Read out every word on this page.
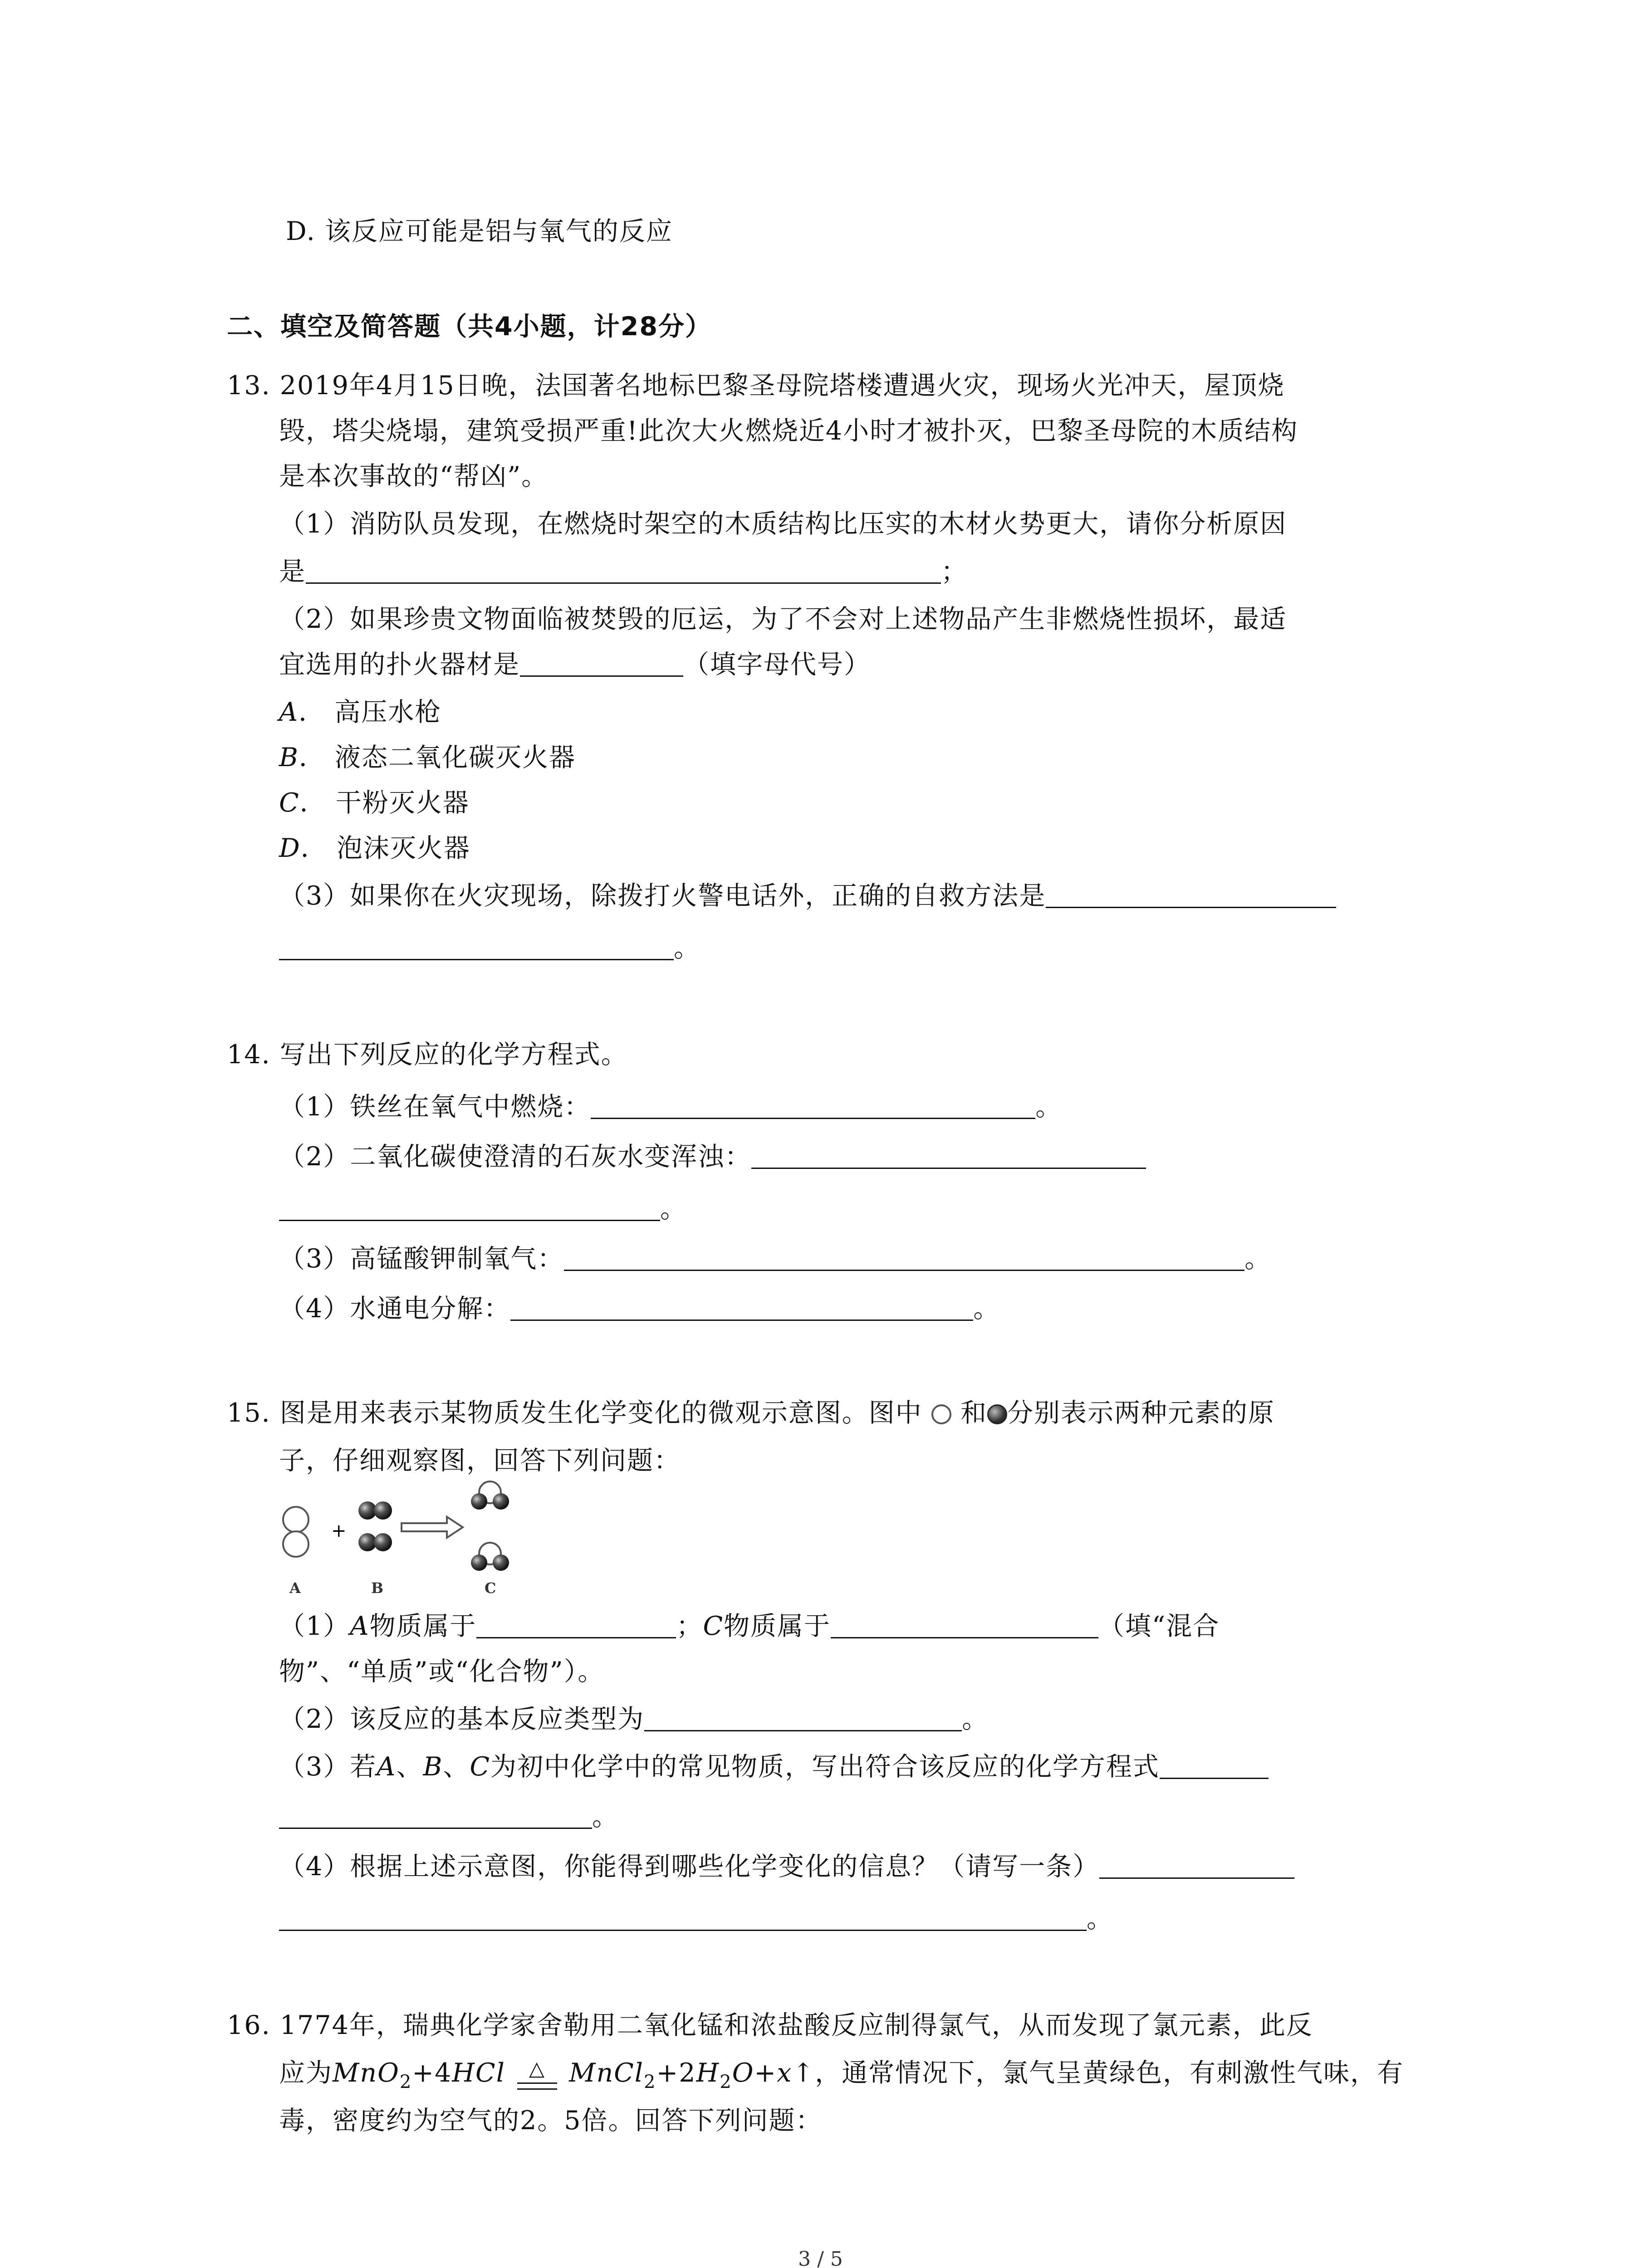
D. 该反应可能是铝与氧气的反应
二、填空及简答题（共4小题，计28分）
13. 2019年4月15日晚，法国著名地标巴黎圣母院塔楼遭遇火灾，现场火光冲天，屋顶烧
毁，塔尖烧塌，建筑受损严重!此次大火燃烧近4小时才被扑灭，巴黎圣母院的木质结构
是本次事故的“帮凶”。
（1）消防队员发现，在燃烧时架空的木质结构比压实的木材火势更大，请你分析原因
是	；
（2）如果珍贵文物面临被焚毁的厄运，为了不会对上述物品产生非燃烧性损坏，最适
宜选用的扑火器材是	（填字母代号）
A． 高压水枪
B． 液态二氧化碳灭火器
C． 干粉灭火器
D． 泡沫灭火器
（3）如果你在火灾现场，除拨打火警电话外，正确的自救方法是
。
14. 写出下列反应的化学方程式。
（1）铁丝在氧气中燃烧：	。
（2）二氧化碳使澄清的石灰水变浑浊：
。
（3）高锰酸钾制氧气：	。
（4）水通电分解：	。
15. 图是用来表示某物质发生化学变化的微观示意图。图中 和 分别表示两种元素的原
子，仔细观察图，回答下列问题：
+
A	B	C
（1）A物质属于	；C物质属于	（填“混合
物”、“单质”或“化合物”）。
（2）该反应的基本反应类型为	。
（3）若A、B、C为初中化学中的常见物质，写出符合该反应的化学方程式
。
（4）根据上述示意图，你能得到哪些化学变化的信息？（请写一条）
。
16. 1774年，瑞典化学家舍勒用二氧化锰和浓盐酸反应制得氯气，从而发现了氯元素，此反
应为MnO$_2$+4HCl △ $MnCl_2+2H_2O+x↑$，通常情况下，氯气呈黄绿色，有刺激性气味，有
毒，密度约为空气的2。5倍。回答下列问题：
3 / 5
